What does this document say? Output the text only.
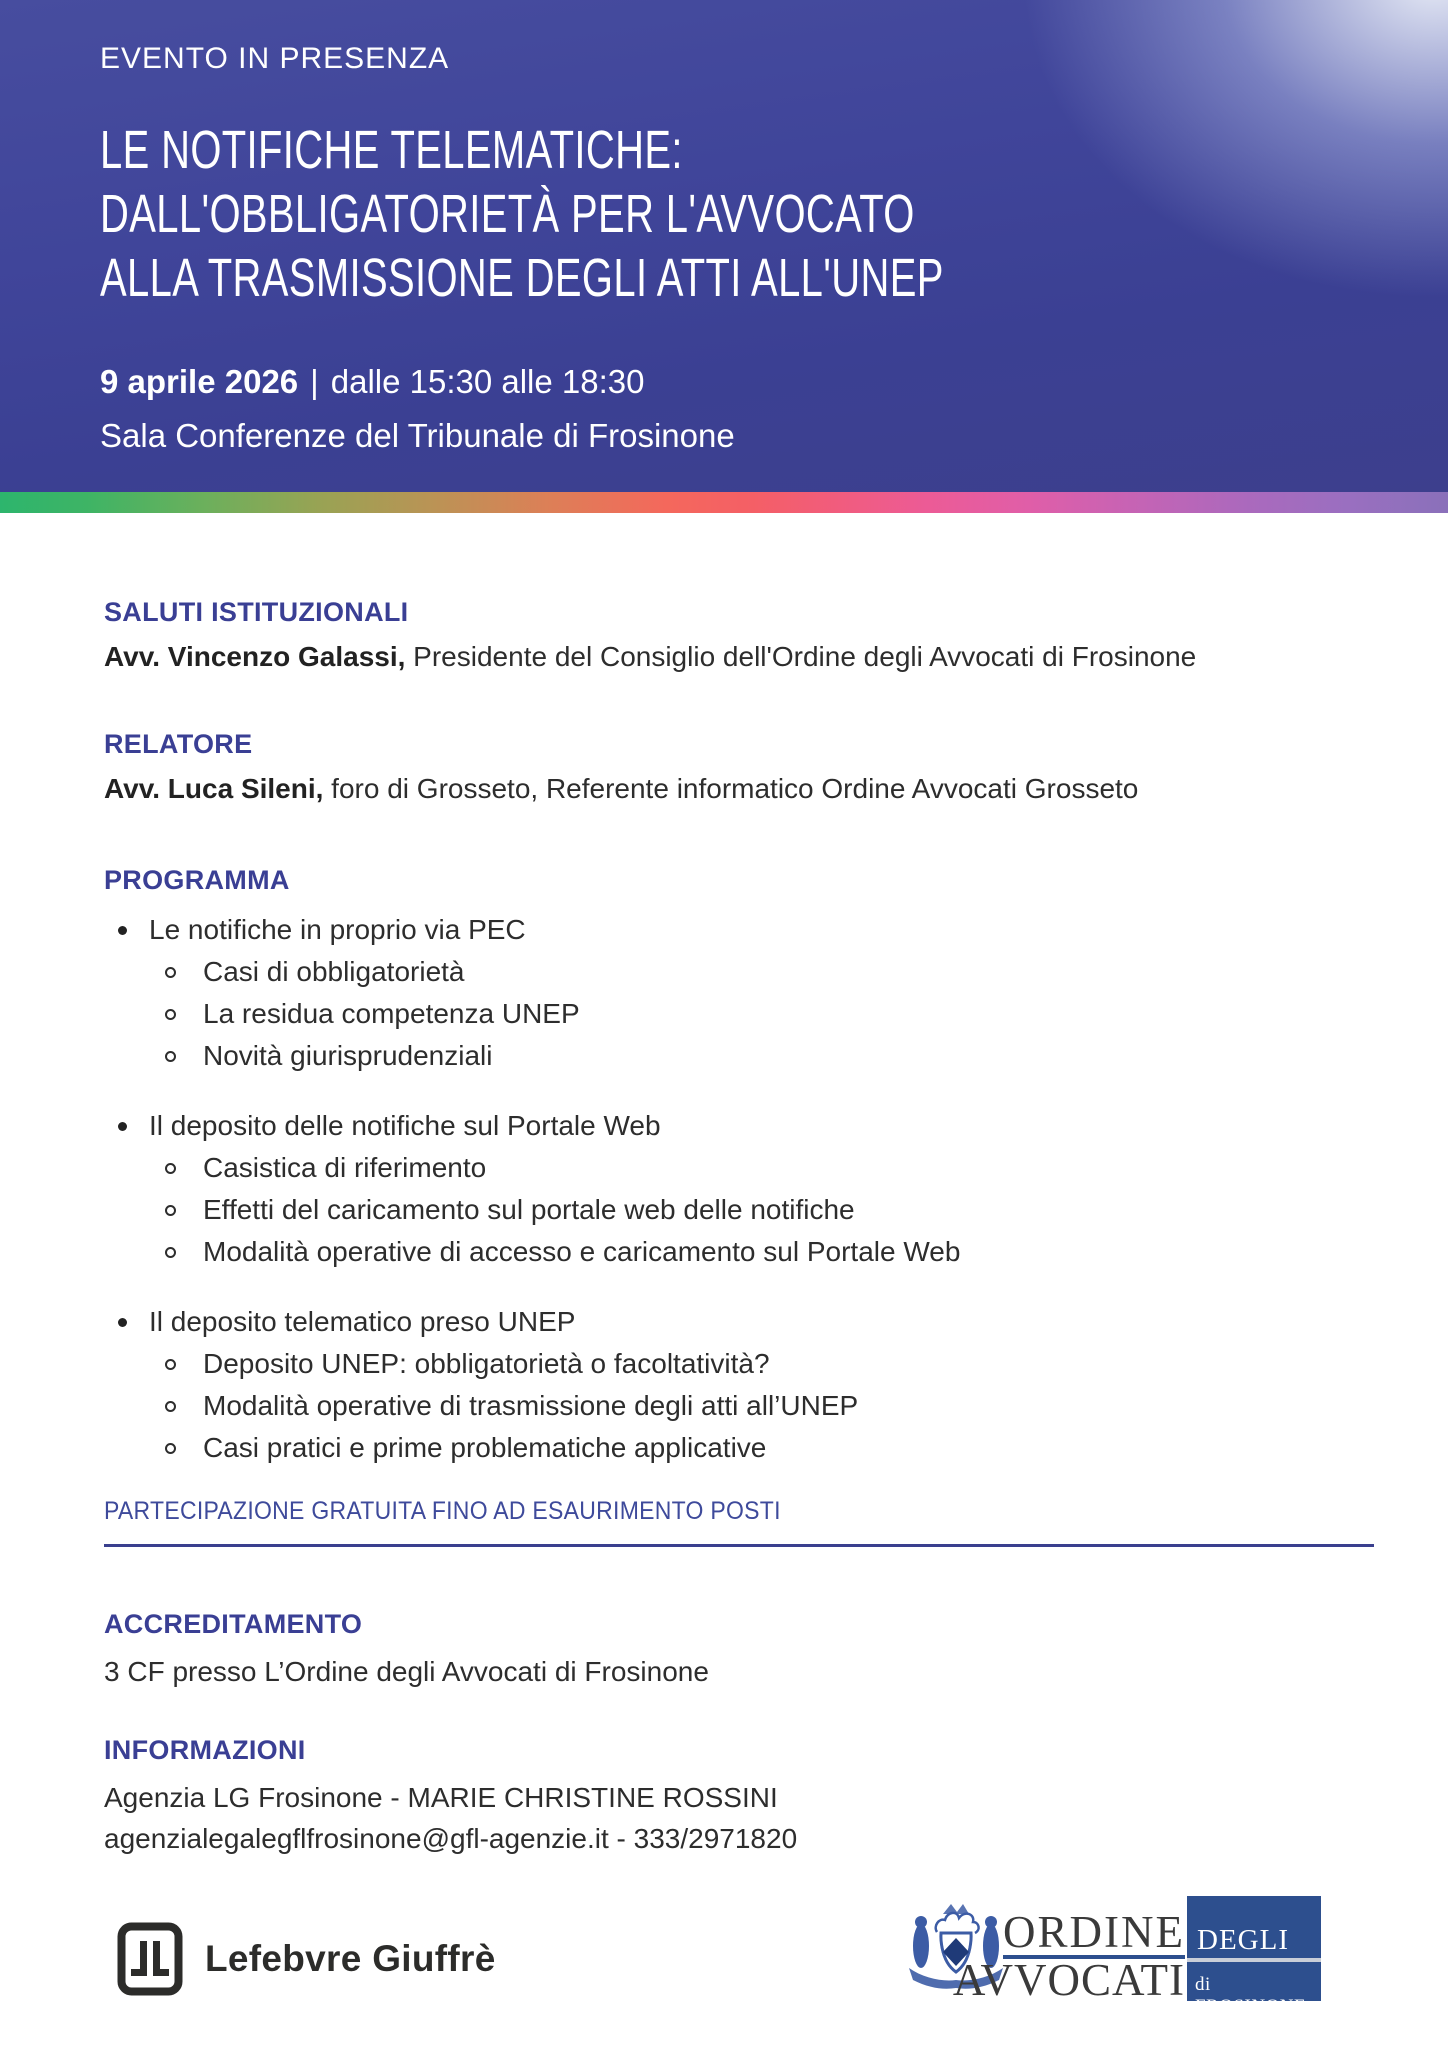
EVENTO IN PRESENZA
LE NOTIFICHE TELEMATICHE:
DALL'OBBLIGATORIETÀ PER L'AVVOCATO
ALLA TRASMISSIONE DEGLI ATTI ALL'UNEP
9 aprile 2026 | dalle 15:30 alle 18:30
Sala Conferenze del Tribunale di Frosinone
SALUTI ISTITUZIONALI

Avv. Vincenzo Galassi, Presidente del Consiglio dell'Ordine degli Avvocati di Frosinone

RELATORE

Avv. Luca Sileni, foro di Grosseto, Referente informatico Ordine Avvocati Grosseto

PROGRAMMA
Le notifiche in proprio via PEC
Casi di obbligatorietà
La residua competenza UNEP
Novità giurisprudenziali
Il deposito delle notifiche sul Portale Web
Casistica di riferimento
Effetti del caricamento sul portale web delle notifiche
Modalità operative di accesso e caricamento sul Portale Web
Il deposito telematico preso UNEP
Deposito UNEP: obbligatorietà o facoltatività?
Modalità operative di trasmissione degli atti all’UNEP
Casi pratici e prime problematiche applicative
PARTECIPAZIONE GRATUITA FINO AD ESAURIMENTO POSTI
ACCREDITAMENTO

3 CF presso L’Ordine degli Avvocati di Frosinone

INFORMAZIONI

Agenzia LG Frosinone - MARIE CHRISTINE ROSSINI

agenzialegalegflfrosinone@gfl-agenzie.it - 333/2971820

Lefebvre Giuffrè
ORDINE
AVVOCATI
DEGLI
di FROSINONE
